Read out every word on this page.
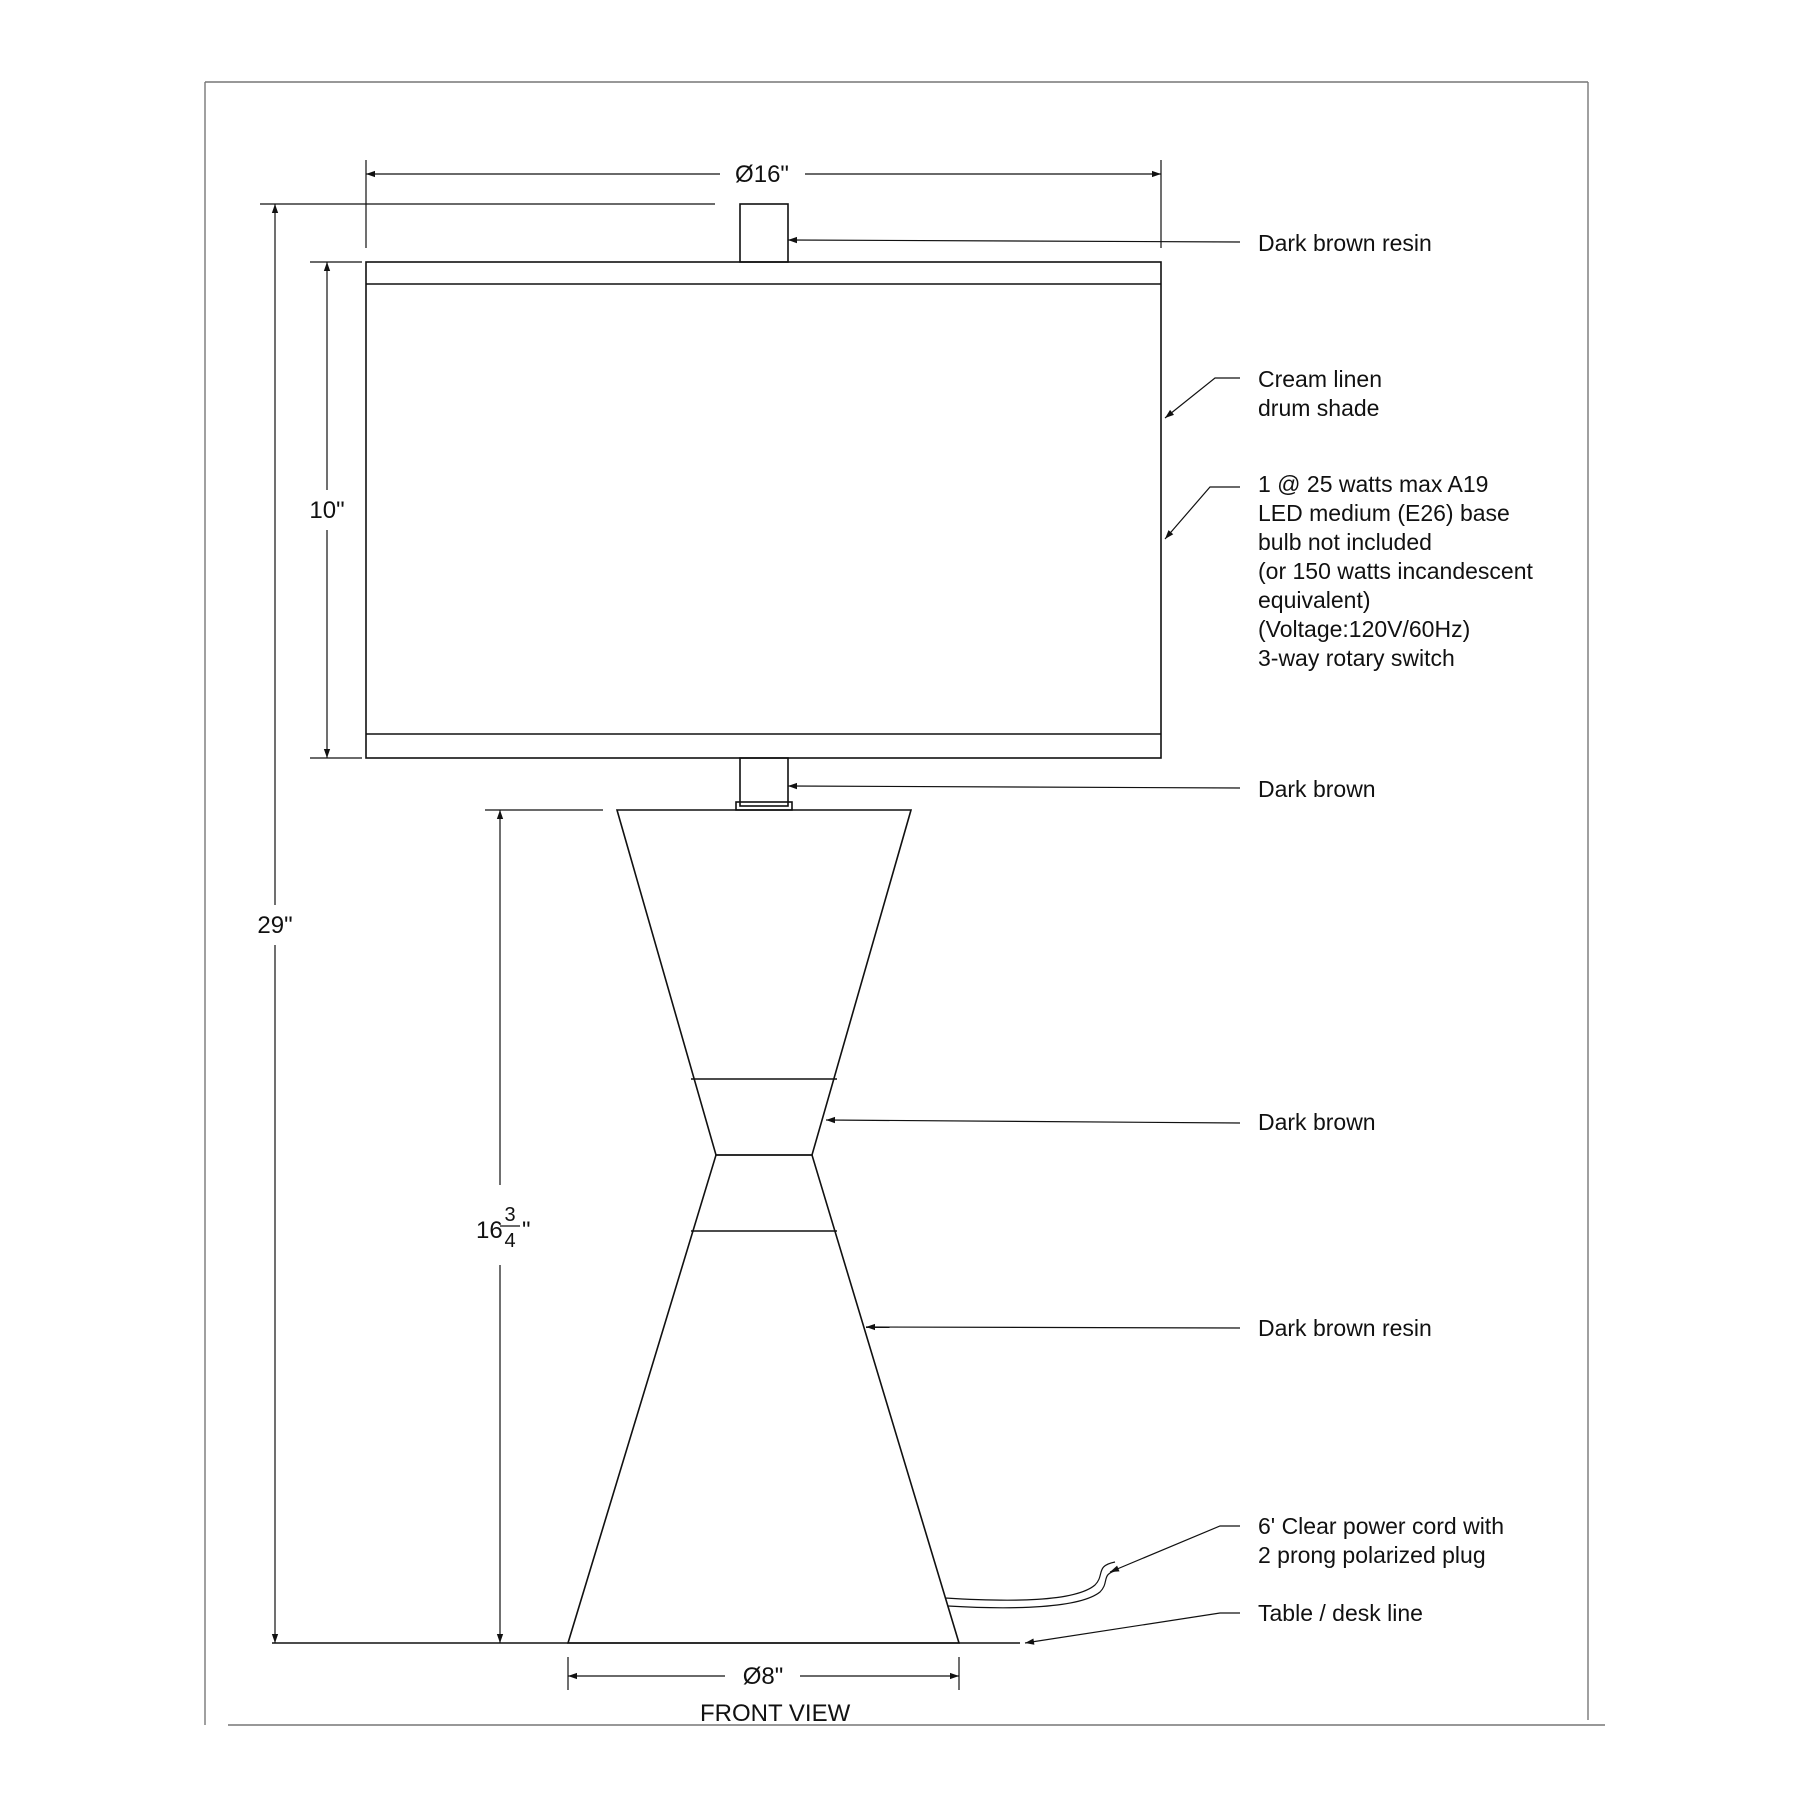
Ø16"
10"
29"
16
3
4 "
Ø8"
Dark brown resin
Cream linen
drum shade
1 @ 25 watts max A19
LED medium (E26) base
bulb not included
(or 150 watts incandescent
equivalent)
(Voltage:120V/60Hz)
3-way rotary switch
Dark brown
Dark brown
Dark brown resin
6' Clear power cord with
2 prong polarized plug
Table / desk line
FRONT VIEW
